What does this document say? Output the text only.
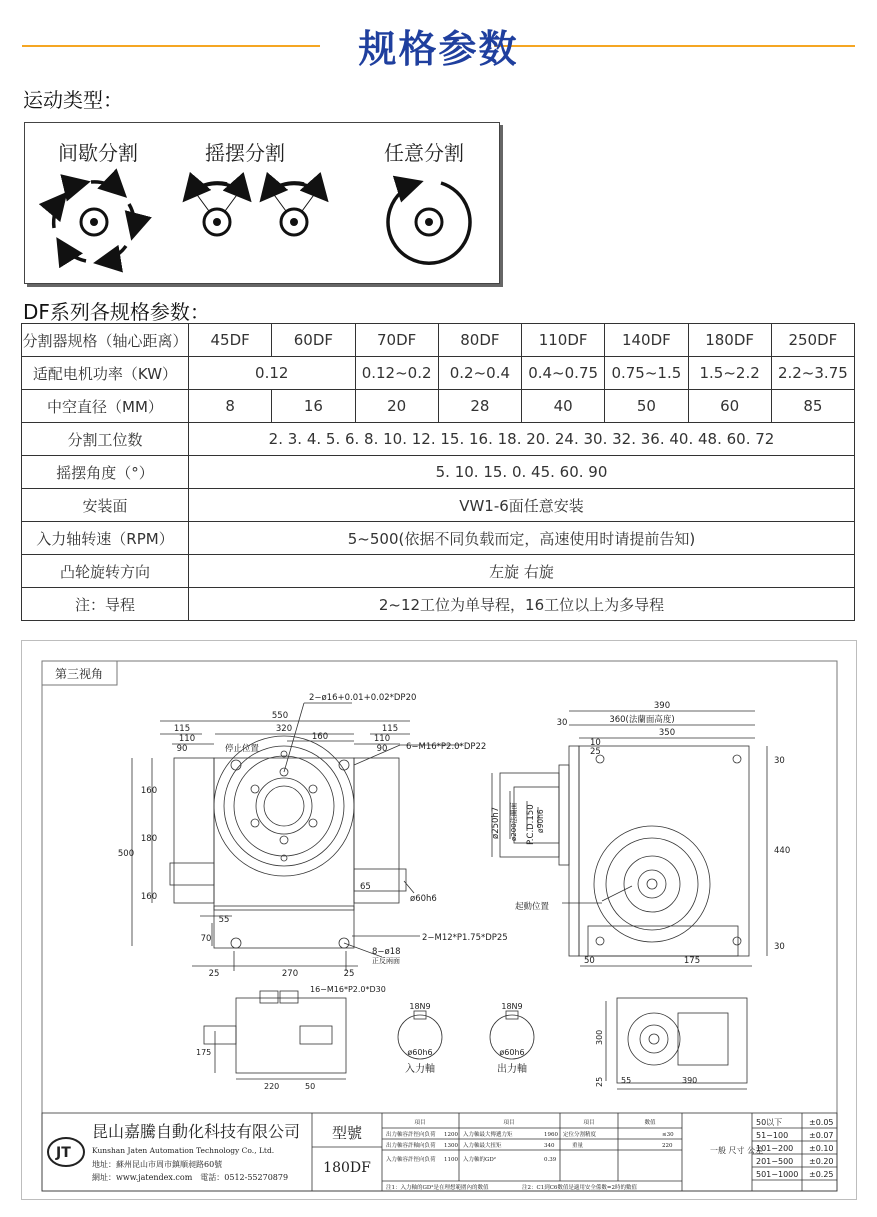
规格参数
运动类型：
间歇分割	摇摆分割	任意分割
DF系列各规格参数：
分割器规格（轴心距离）	45DF	60DF	70DF	80DF	110DF	140DF	180DF	250DF
适配电机功率（KW）	0.12		0.12~0.2	0.2~0.4	0.4~0.75	0.75~1.5	1.5~2.2	2.2~3.75
中空直径（MM）	8	16	20	28	40	50	60	85
分割工位数	2. 3. 4. 5. 6. 8. 10. 12. 15. 16. 18. 20. 24. 30. 32. 36. 40. 48. 60. 72							
摇摆角度（°）	5. 10. 15. 0. 45. 60. 90							
安装面	VW1-6面任意安装							
入力轴转速（RPM）	5~500(依据不同负载而定，高速使用时请提前告知)							
凸轮旋转方向	左旋 右旋							
注：导程	2~12工位为单导程，16工位以上为多导程							
第三视角
550
320
115	115
110	110
90	90
160
160
180
500
160
55
70
25	270	25
2−ø16+0.01+0.02*DP20
6−M16*P2.0*DP22
停止位置
ø60h6
65
2−M12*P1.75*DP25
8−ø18
正反兩面
390
30	360(法蘭面高度)
350
10
25
30
440
30
50	175
ø250h7 ø200法蘭面 P.C.D.150 ø90h6
起動位置
16−M16*P2.0*D30
175
220	50
18N9
ø60h6
入力軸
18N9
ø60h6
出力軸
300
25 55	390
JT
昆山嘉騰自動化科技有限公司
Kunshan Jaten Automation Technology Co., Ltd.
地址：蘇州昆山市周市鎮順昶路60號
網址：www.jatendex.com　電話：0512-55270879
型號
180DF
項目	項目	項目	數值
出力軸容許徑向負荷 1200 入力軸最大傳遞力矩	1960 定位分割精度	≤30
出力軸容許軸向負荷 1300 入力軸最大扭矩	340	重量	220
入力軸容許徑向負荷 1100 入力軸的GD²	0.39
注1：入力軸的GD²是在理想範圍內的數值	注2：C1到C6數值是適用安全係數=2時的數值
一般 尺寸 公差
50以下	±0.05
51−100	±0.07
101−200 ±0.10
201−500 ±0.20
501−1000 ±0.25
